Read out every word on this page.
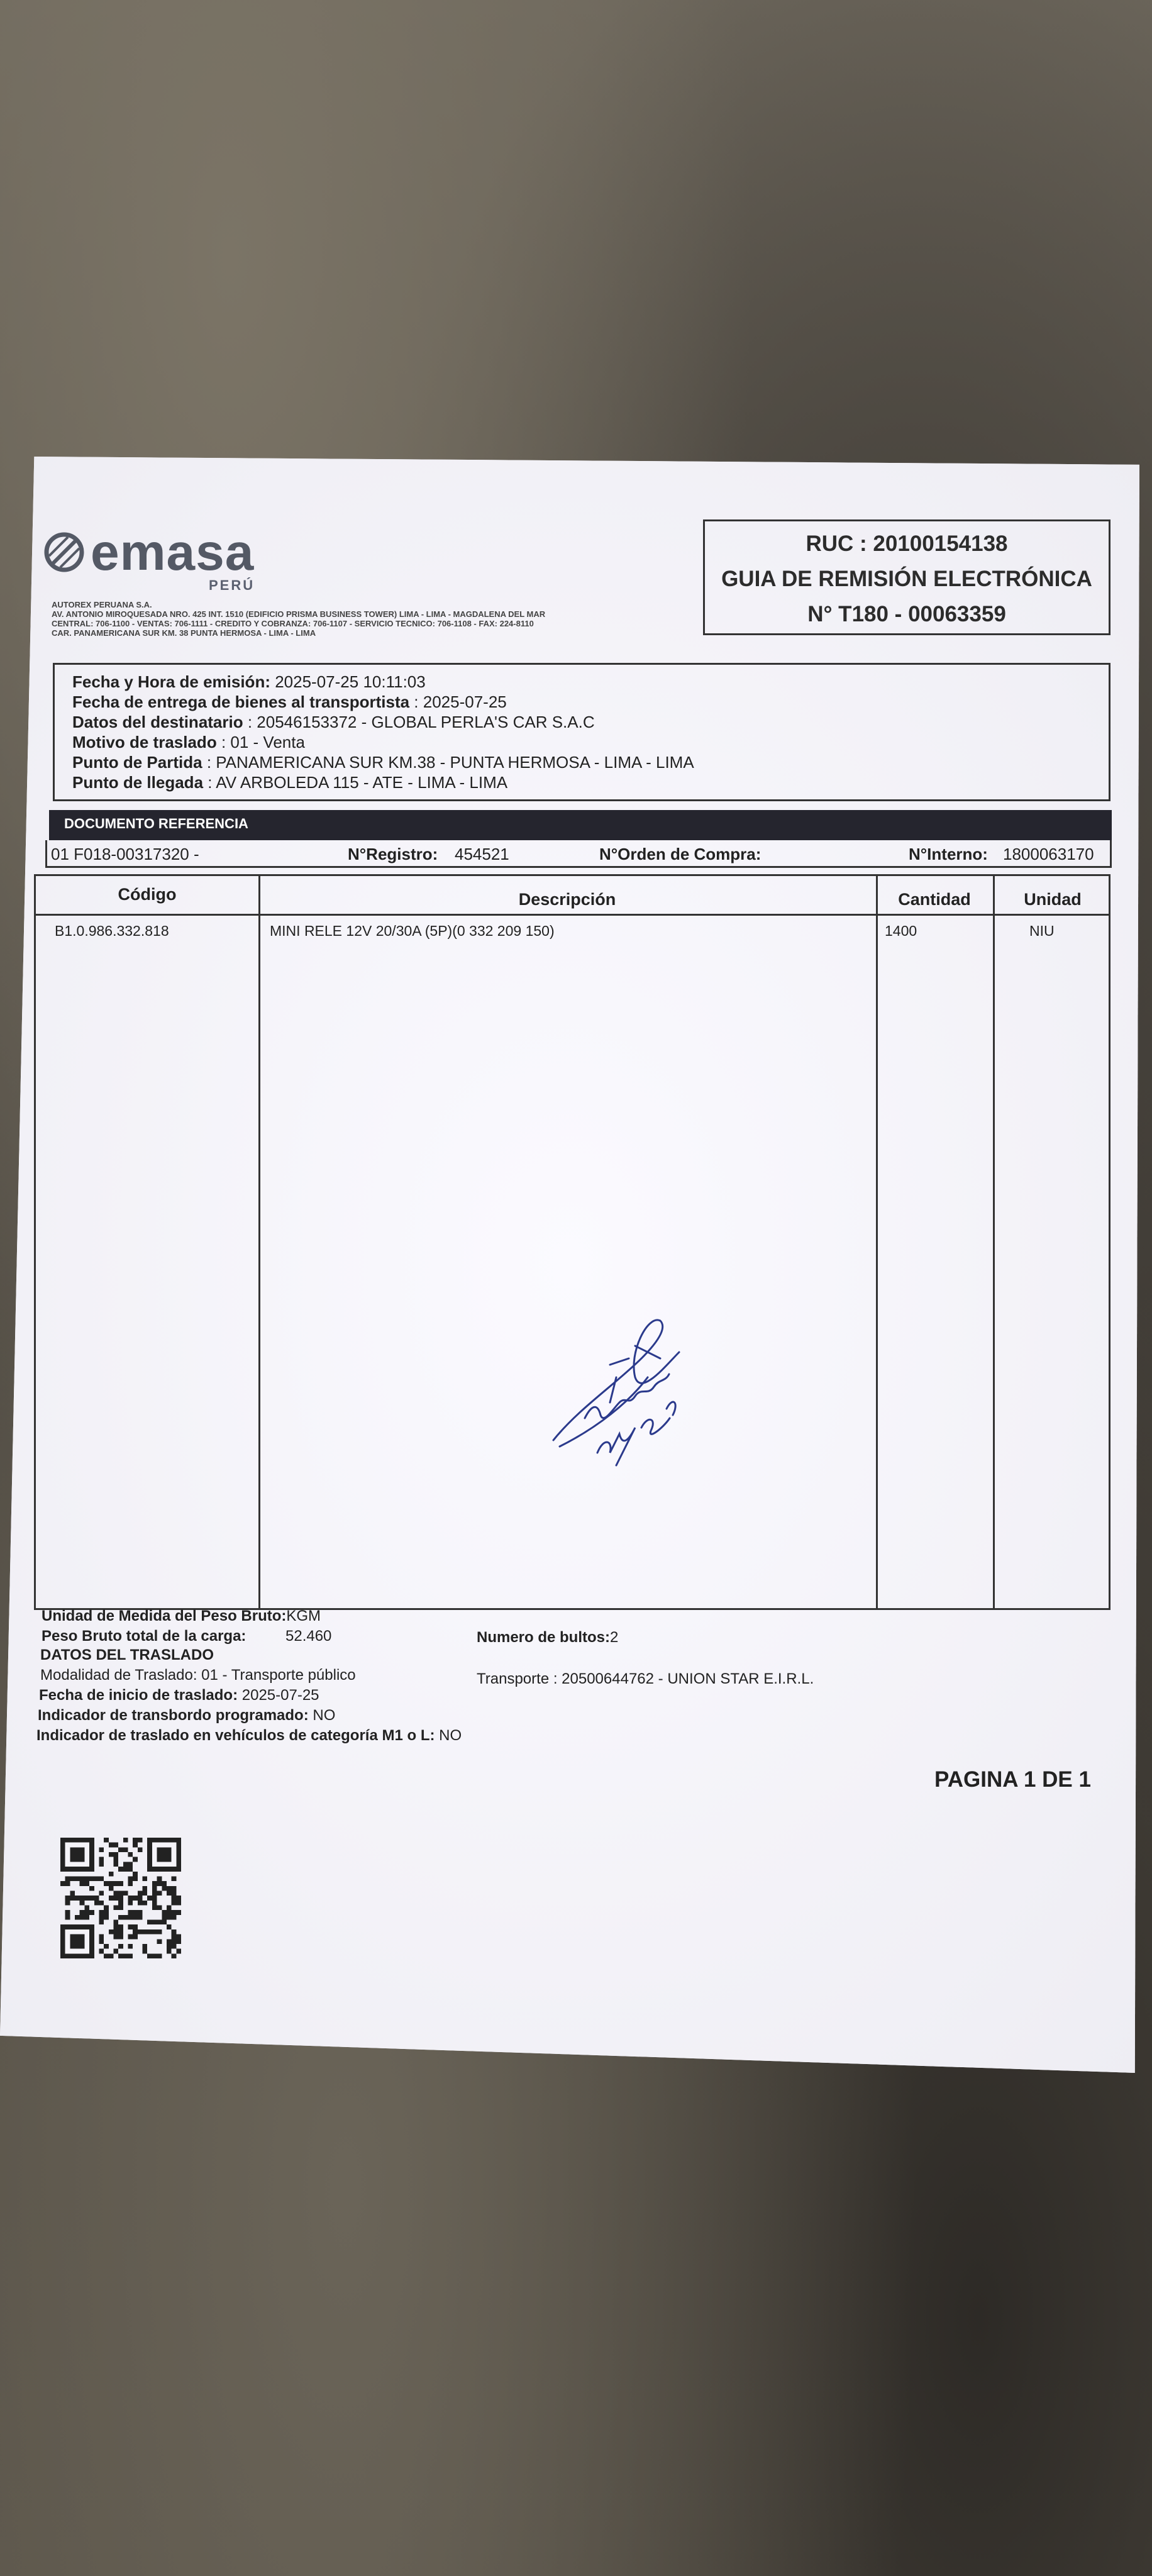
emasa
PERÚ
AUTOREX PERUANA S.A.
AV. ANTONIO MIROQUESADA NRO. 425 INT. 1510 (EDIFICIO PRISMA BUSINESS TOWER) LIMA - LIMA - MAGDALENA DEL MAR
CENTRAL: 706-1100 - VENTAS: 706-1111 - CREDITO Y COBRANZA: 706-1107 - SERVICIO TECNICO: 706-1108 - FAX: 224-8110
CAR. PANAMERICANA SUR KM. 38 PUNTA HERMOSA - LIMA - LIMA
RUC : 20100154138
GUIA DE REMISIÓN ELECTRÓNICA
N° T180 - 00063359
Fecha y Hora de emisión: 2025-07-25 10:11:03
Fecha de entrega de bienes al transportista : 2025-07-25
Datos del destinatario : 20546153372 - GLOBAL PERLA'S CAR S.A.C
Motivo de traslado : 01 - Venta
Punto de Partida : PANAMERICANA SUR KM.38 - PUNTA HERMOSA - LIMA - LIMA
Punto de llegada : AV ARBOLEDA 115 - ATE - LIMA - LIMA
DOCUMENTO REFERENCIA
01 F018-00317320 -	N°Registro: 454521	N°Orden de Compra:	N°Interno: 1800063170
Código	Descripción	Cantidad	Unidad
B1.0.986.332.818	MINI RELE 12V 20/30A (5P)(0 332 209 150)	1400	NIU
Unidad de Medida del Peso Bruto:KGM
Peso Bruto total de la carga:	52.460	Numero de bultos:2
DATOS DEL TRASLADO
Modalidad de Traslado: 01 - Transporte público	Transporte : 20500644762 - UNION STAR E.I.R.L.
Fecha de inicio de traslado: 2025-07-25
Indicador de transbordo programado: NO
Indicador de traslado en vehículos de categoría M1 o L: NO
PAGINA 1 DE 1
